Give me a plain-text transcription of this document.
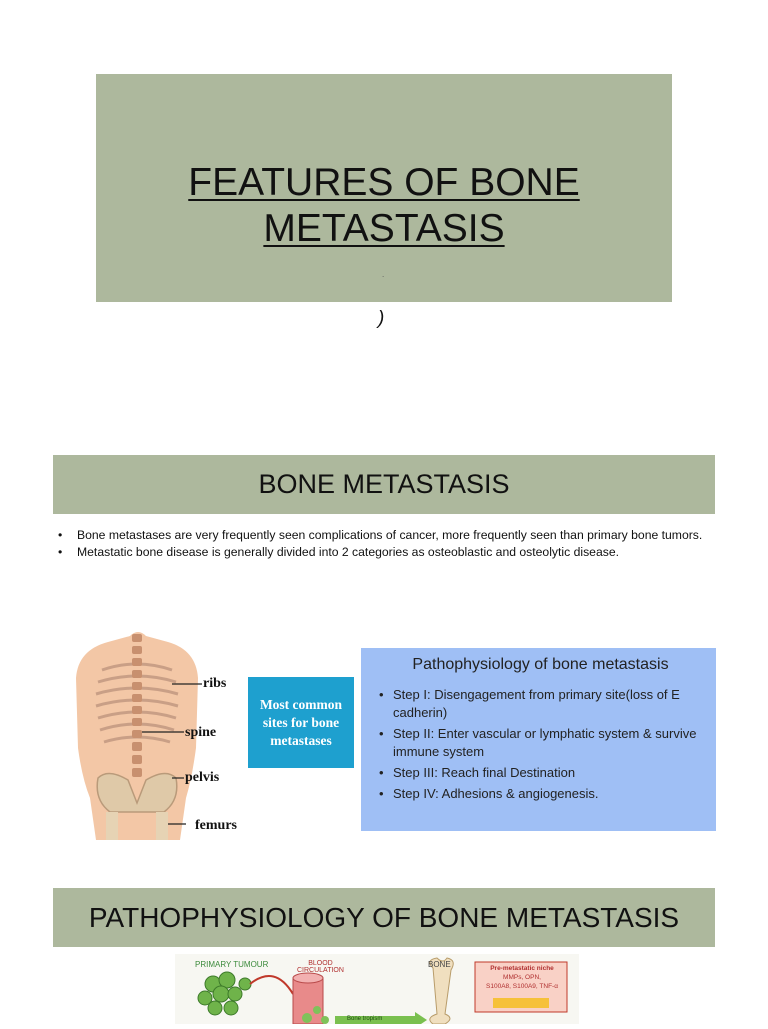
FEATURES OF BONE
METASTASIS
.
)
BONE METASTASIS
•	Bone metastases are very frequently seen complications of cancer, more frequently seen than primary bone tumors.
•	Metastatic bone disease is generally divided into 2 categories as osteoblastic and osteolytic disease.
ribs
spine
pelvis
femurs
Most common sites for bone metastases
Pathophysiology of bone metastasis
• Step I: Disengagement from primary site(loss of E cadherin)
• Step II: Enter vascular or lymphatic system & survive immune system
• Step III: Reach final Destination
• Step IV: Adhesions & angiogenesis.
PATHOPHYSIOLOGY OF BONE METASTASIS
PRIMARY TUMOUR	BLOOD
CIRCULATION
BONE	Pre-metastatic niche
MMPs, OPN,
S100A8, S100A9, TNF-α
Bone tropism
